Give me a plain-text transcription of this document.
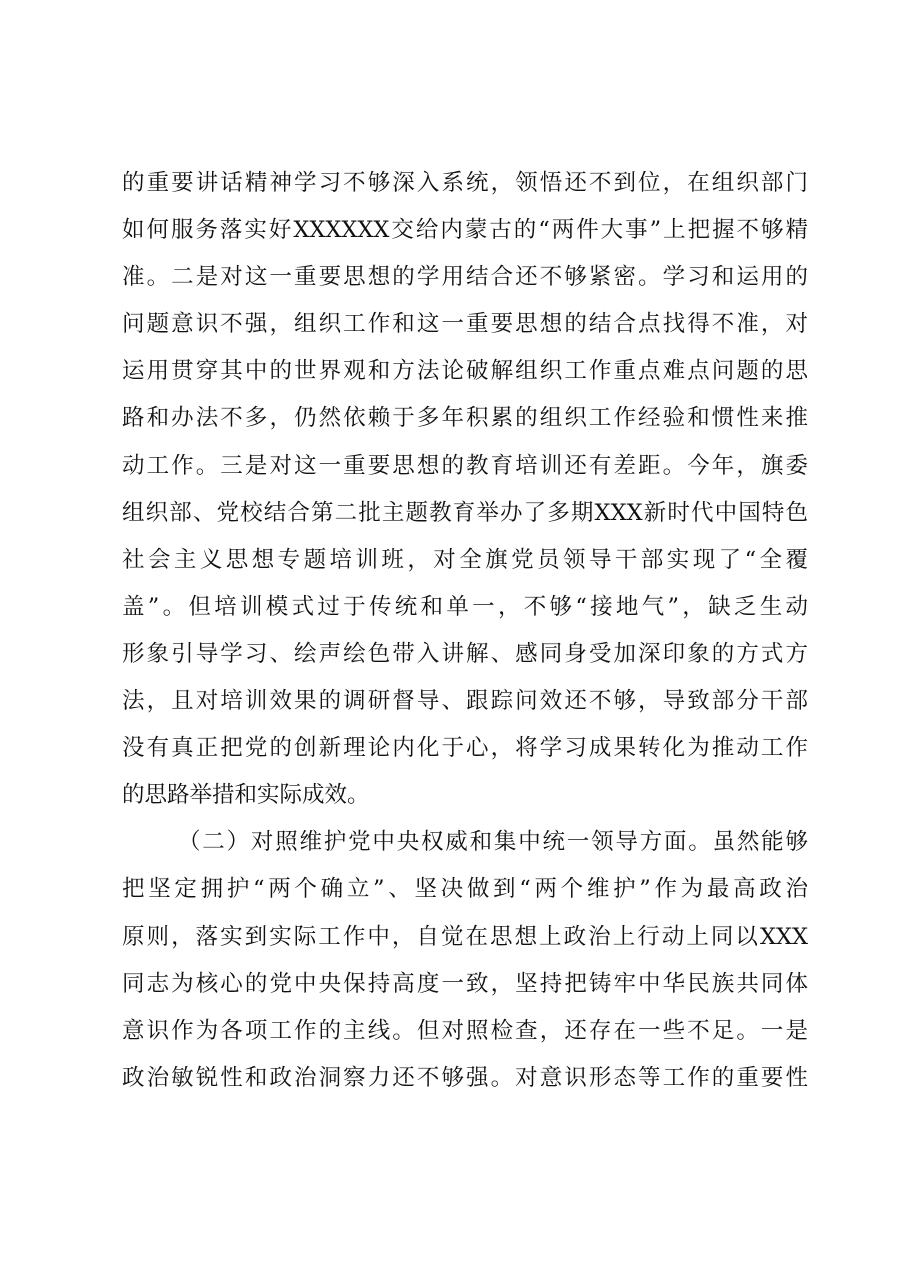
的重要讲话精神学习不够深入系统，领悟还不到位，在组织部门
如何服务落实好XXXXXX交给内蒙古的“两件大事”上把握不够精
准。二是对这一重要思想的学用结合还不够紧密。学习和运用的
问题意识不强，组织工作和这一重要思想的结合点找得不准，对
运用贯穿其中的世界观和方法论破解组织工作重点难点问题的思
路和办法不多，仍然依赖于多年积累的组织工作经验和惯性来推
动工作。三是对这一重要思想的教育培训还有差距。今年，旗委
组织部、党校结合第二批主题教育举办了多期XXX新时代中国特色
社会主义思想专题培训班，对全旗党员领导干部实现了“全覆
盖”。但培训模式过于传统和单一，不够“接地气”，缺乏生动
形象引导学习、绘声绘色带入讲解、感同身受加深印象的方式方
法，且对培训效果的调研督导、跟踪问效还不够，导致部分干部
没有真正把党的创新理论内化于心，将学习成果转化为推动工作
的思路举措和实际成效。
（二）对照维护党中央权威和集中统一领导方面。虽然能够
把坚定拥护“两个确立”、坚决做到“两个维护”作为最高政治
原则，落实到实际工作中，自觉在思想上政治上行动上同以XXX
同志为核心的党中央保持高度一致，坚持把铸牢中华民族共同体
意识作为各项工作的主线。但对照检查，还存在一些不足。一是
政治敏锐性和政治洞察力还不够强。对意识形态等工作的重要性
